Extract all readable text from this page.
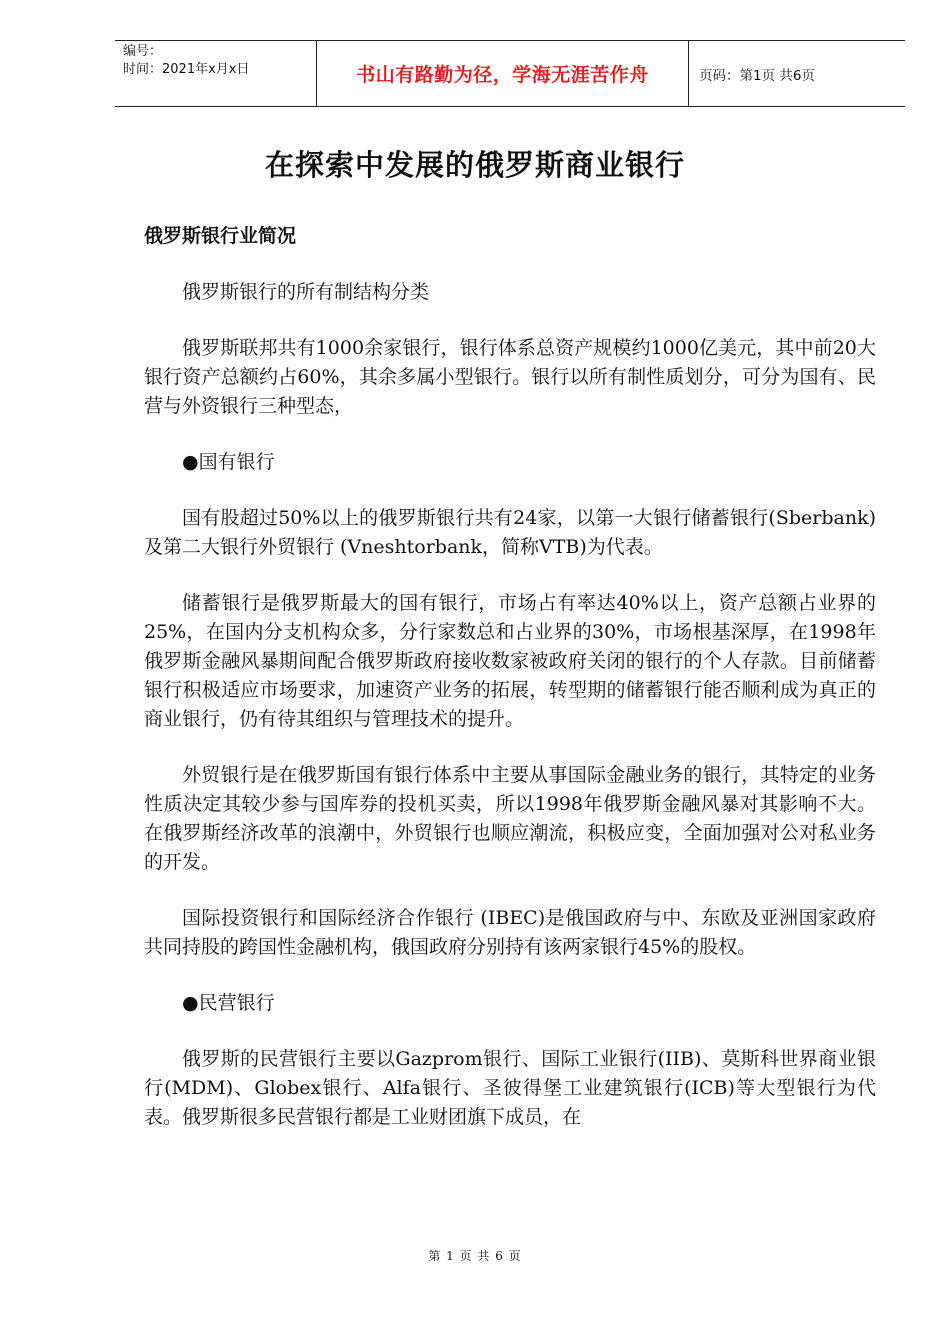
编号：
时间：2021年x月x日	书山有路勤为径，学海无涯苦作舟	页码：第1页 共6页
在探索中发展的俄罗斯商业银行
俄罗斯银行业简况

俄罗斯银行的所有制结构分类

俄罗斯联邦共有1000余家银行，银行体系总资产规模约1000亿美元，其中前20大银行资产总额约占60%，其余多属小型银行。银行以所有制性质划分，可分为国有、民营与外资银行三种型态，

●国有银行

国有股超过50%以上的俄罗斯银行共有24家，以第一大银行储蓄银行(Sberbank)及第二大银行外贸银行 (Vneshtorbank，简称VTB)为代表。

储蓄银行是俄罗斯最大的国有银行，市场占有率达40%以上，资产总额占业界的25%，在国内分支机构众多，分行家数总和占业界的30%，市场根基深厚，在1998年俄罗斯金融风暴期间配合俄罗斯政府接收数家被政府关闭的银行的个人存款。目前储蓄银行积极适应市场要求，加速资产业务的拓展，转型期的储蓄银行能否顺利成为真正的商业银行，仍有待其组织与管理技术的提升。

外贸银行是在俄罗斯国有银行体系中主要从事国际金融业务的银行，其特定的业务性质决定其较少参与国库券的投机买卖，所以1998年俄罗斯金融风暴对其影响不大。在俄罗斯经济改革的浪潮中，外贸银行也顺应潮流，积极应变，全面加强对公对私业务的开发。

国际投资银行和国际经济合作银行 (IBEC)是俄国政府与中、东欧及亚洲国家政府共同持股的跨国性金融机构，俄国政府分别持有该两家银行45%的股权。

●民营银行

俄罗斯的民营银行主要以Gazprom银行、国际工业银行(IIB)、莫斯科世界商业银行(MDM)、Globex银行、Alfa银行、圣彼得堡工业建筑银行(ICB)等大型银行为代表。俄罗斯很多民营银行都是工业财团旗下成员，在

第 1 页 共 6 页
